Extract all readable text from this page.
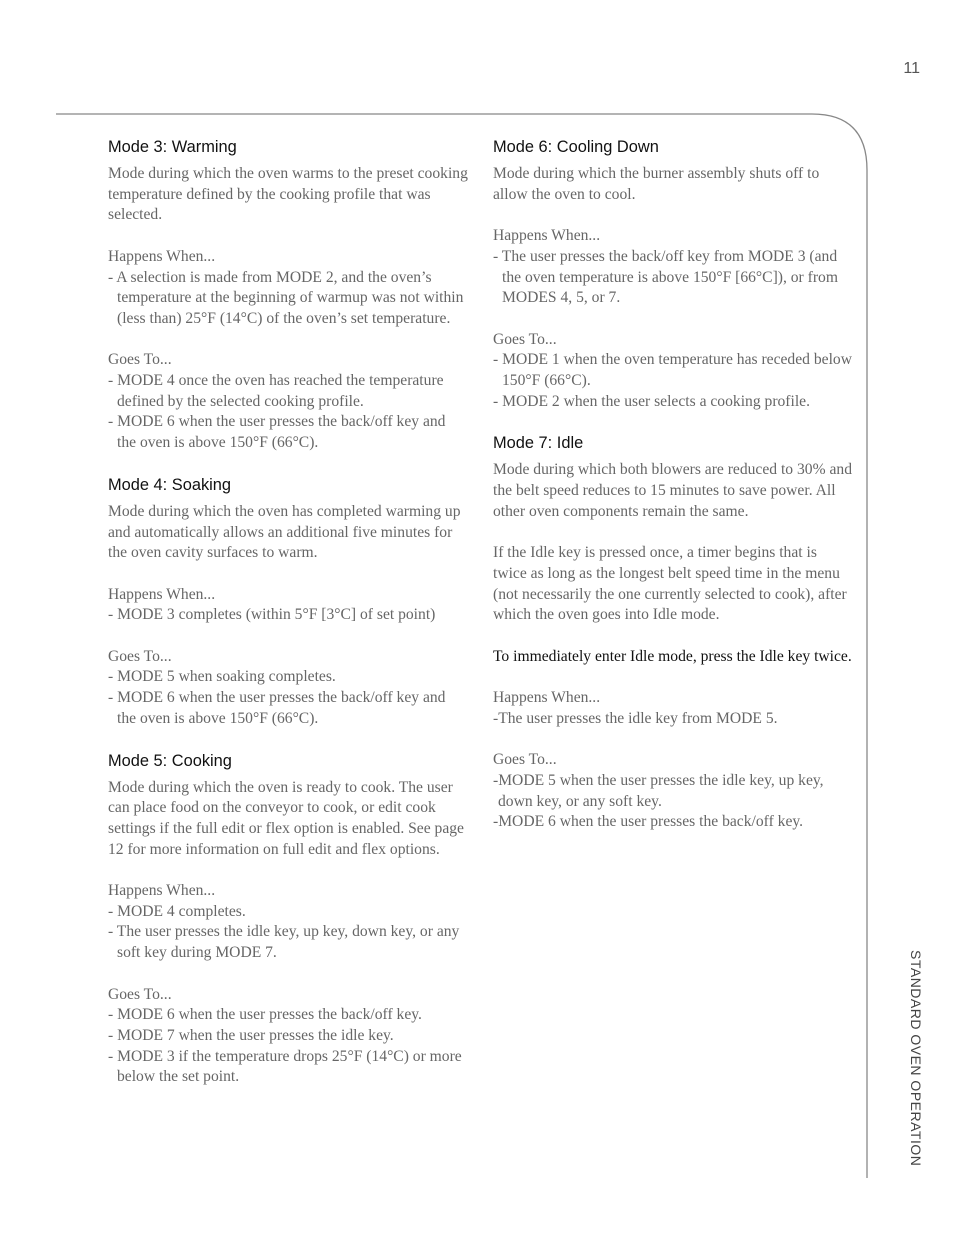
11
Mode 3: Warming

Mode during which the oven warms to the preset cooking temperature defined by the cooking profile that was selected.

Happens When...

- A selection is made from MODE 2, and the oven’s temperature at the beginning of warmup was not within (less than) 25°F (14°C) of the oven’s set temperature.

Goes To...

- MODE 4 once the oven has reached the temperature defined by the selected cooking profile.

- MODE 6 when the user presses the back/off key and the oven is above 150°F (66°C).

Mode 4: Soaking

Mode during which the oven has completed warming up and automatically allows an additional five minutes for the oven cavity surfaces to warm.

Happens When...

- MODE 3 completes (within 5°F [3°C] of set point)

Goes To...

- MODE 5 when soaking completes.

- MODE 6 when the user presses the back/off key and the oven is above 150°F (66°C).

Mode 5: Cooking

Mode during which the oven is ready to cook. The user can place food on the conveyor to cook, or edit cook settings if the full edit or flex option is enabled. See page 12 for more information on full edit and flex options.

Happens When...

- MODE 4 completes.

- The user presses the idle key, up key, down key, or any soft key during MODE 7.

Goes To...

- MODE 6 when the user presses the back/off key.

- MODE 7 when the user presses the idle key.

- MODE 3 if the temperature drops 25°F (14°C) or more below the set point.

Mode 6: Cooling Down

Mode during which the burner assembly shuts off to allow the oven to cool.

Happens When...

- The user presses the back/off key from MODE 3 (and the oven temperature is above 150°F [66°C]), or from MODES 4, 5, or 7.

Goes To...

- MODE 1 when the oven temperature has receded below 150°F (66°C).

- MODE 2 when the user selects a cooking profile.

Mode 7: Idle

Mode during which both blowers are reduced to 30% and the belt speed reduces to 15 minutes to save power. All other oven components remain the same.

If the Idle key is pressed once, a timer begins that is twice as long as the longest belt speed time in the menu (not necessarily the one currently selected to cook), after which the oven goes into Idle mode.

To immediately enter Idle mode, press the Idle key twice.

Happens When...

-The user presses the idle key from MODE 5.

Goes To...

-MODE 5 when the user presses the idle key, up key, down key, or any soft key.

-MODE 6 when the user presses the back/off key.

STANDARD OVEN OPERATION
